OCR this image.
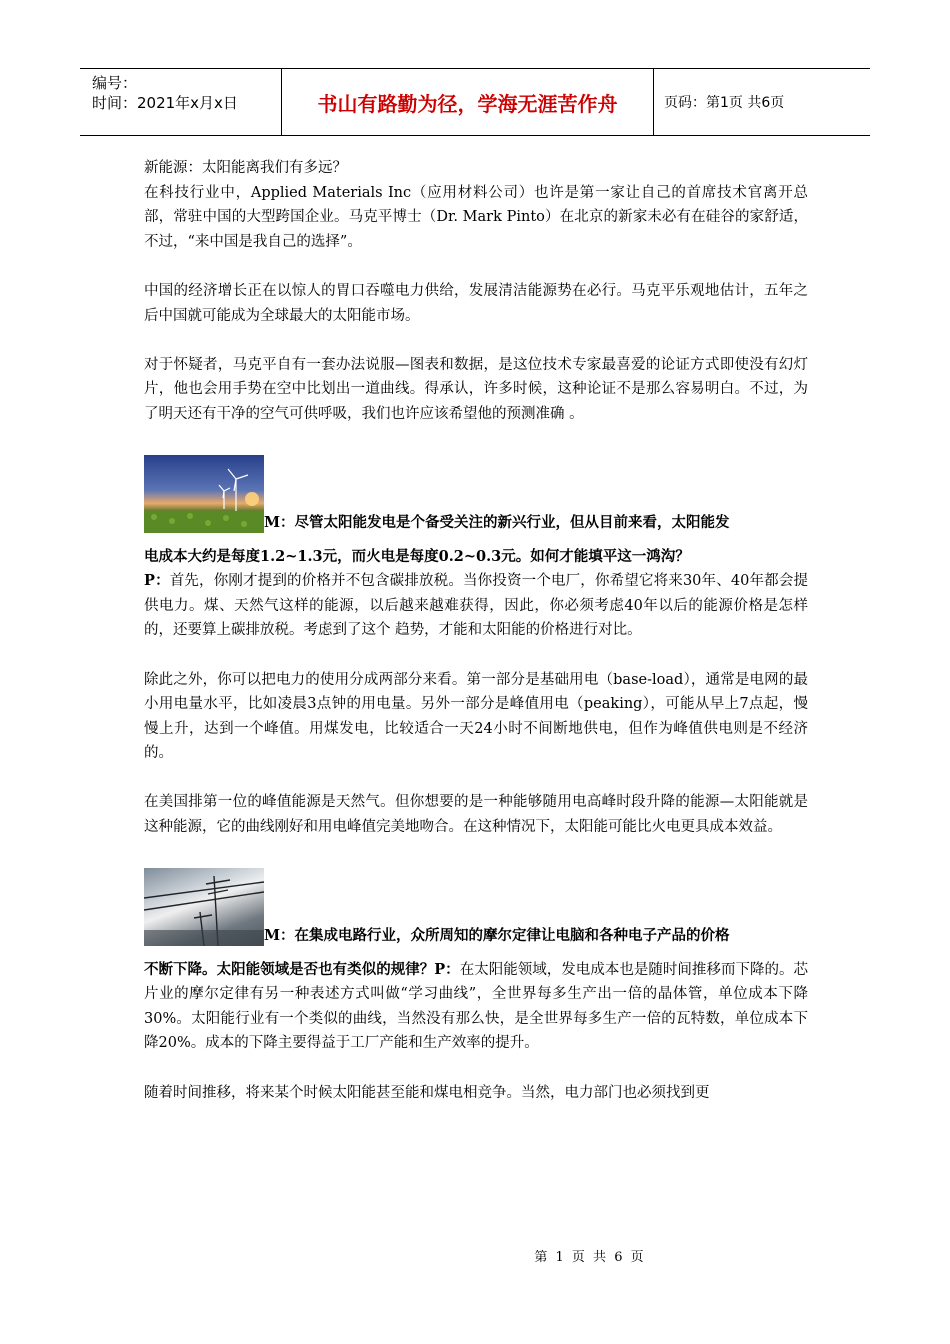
编号：
时间：2021年x月x日	书山有路勤为径，学海无涯苦作舟	页码：第1页 共6页

新能源：太阳能离我们有多远？

在科技行业中，Applied Materials Inc（应用材料公司）也许是第一家让自己的首席技术官离开总部，常驻中国的大型跨国企业。马克平博士（Dr. Mark Pinto）在北京的新家未必有在硅谷的家舒适，不过，“来中国是我自己的选择”。

中国的经济增长正在以惊人的胃口吞噬电力供给，发展清洁能源势在必行。马克平乐观地估计，五年之后中国就可能成为全球最大的太阳能市场。

对于怀疑者，马克平自有一套办法说服—图表和数据，是这位技术专家最喜爱的论证方式即使没有幻灯片，他也会用手势在空中比划出一道曲线。得承认，许多时候，这种论证不是那么容易明白。不过，为了明天还有干净的空气可供呼吸，我们也许应该希望他的预测准确 。

M：尽管太阳能发电是个备受关注的新兴行业，但从目前来看，太阳能发

电成本大约是每度1.2~1.3元，而火电是每度0.2~0.3元。如何才能填平这一鸿沟？

P：首先，你刚才提到的价格并不包含碳排放税。当你投资一个电厂，你希望它将来30年、40年都会提供电力。煤、天然气这样的能源，以后越来越难获得，因此，你必须考虑40年以后的能源价格是怎样的，还要算上碳排放税。考虑到了这个 趋势，才能和太阳能的价格进行对比。

除此之外，你可以把电力的使用分成两部分来看。第一部分是基础用电（base-load），通常是电网的最小用电量水平，比如凌晨3点钟的用电量。另外一部分是峰值用电（peaking），可能从早上7点起，慢慢上升，达到一个峰值。用煤发电，比较适合一天24小时不间断地供电，但作为峰值供电则是不经济的。

在美国排第一位的峰值能源是天然气。但你想要的是一种能够随用电高峰时段升降的能源—太阳能就是这种能源，它的曲线刚好和用电峰值完美地吻合。在这种情况下，太阳能可能比火电更具成本效益。

M：在集成电路行业，众所周知的摩尔定律让电脑和各种电子产品的价格

不断下降。太阳能领域是否也有类似的规律？P：在太阳能领域，发电成本也是随时间推移而下降的。芯片业的摩尔定律有另一种表述方式叫做“学习曲线”，全世界每多生产出一倍的晶体管，单位成本下降30%。太阳能行业有一个类似的曲线，当然没有那么快，是全世界每多生产一倍的瓦特数，单位成本下降20%。成本的下降主要得益于工厂产能和生产效率的提升。

随着时间推移，将来某个时候太阳能甚至能和煤电相竞争。当然，电力部门也必须找到更

第 1 页 共 6 页
